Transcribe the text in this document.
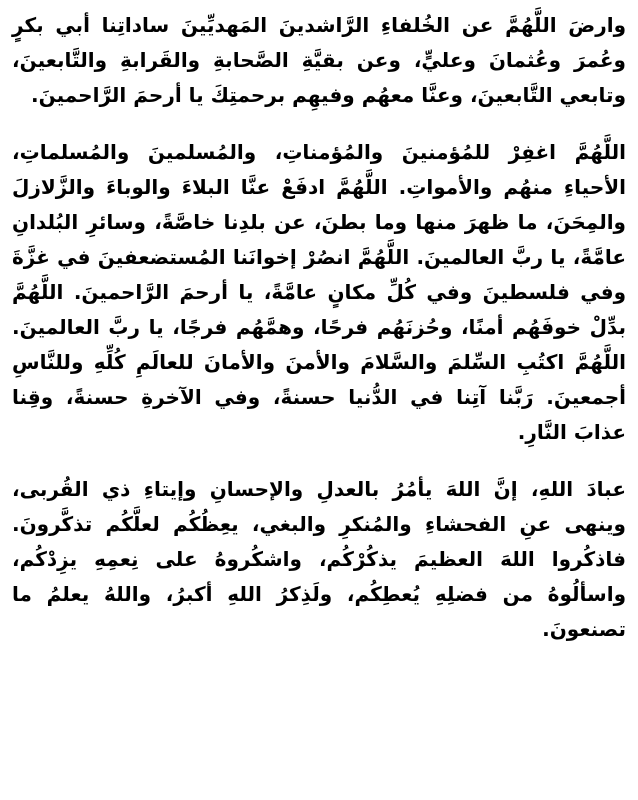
وارضَ اللَّهُمَّ عن الخُلفاءِ الرَّاشدينَ المَهديِّينَ ساداتِنا أبي بكرٍ وعُمرَ وعُثمانَ وعليٍّ، وعن بقيَّةِ الصَّحابةِ والقَرابةِ والتَّابعينَ، وتابعي التَّابعينَ، وعنَّا معهُم وفيهِم برحمتِكَ يا أرحمَ الرَّاحمينَ.

اللَّهُمَّ اغفِرْ للمُؤمنينَ والمُؤمناتِ، والمُسلمينَ والمُسلماتِ، الأحياءِ منهُم والأمواتِ. اللَّهُمَّ ادفَعْ عنَّا البلاءَ والوباءَ والزَّلازلَ والمِحَنَ، ما ظهرَ منها وما بطنَ، عن بلدِنا خاصَّةً، وسائرِ البُلدانِ عامَّةً، يا ربَّ العالمينَ. اللَّهُمَّ انصُرْ إخوانَنا المُستضعفينَ في غزَّةَ وفي فلسطينَ وفي كُلِّ مكانٍ عامَّةً، يا أرحمَ الرَّاحمينَ. اللَّهُمَّ بدِّلْ خوفَهُم أمنًا، وحُزنَهُم فرحًا، وهمَّهُم فرجًا، يا ربَّ العالمينَ. اللَّهُمَّ اكتُبِ السِّلمَ والسَّلامَ والأمنَ والأمانَ للعالَمِ كُلِّهِ وللنَّاسِ أجمعينَ. رَبَّنا آتِنا في الدُّنيا حسنةً، وفي الآخرةِ حسنةً، وقِنا عذابَ النَّارِ.

عبادَ اللهِ، إنَّ اللهَ يأمُرُ بالعدلِ والإحسانِ وإيتاءِ ذي القُربى، وينهى عنِ الفحشاءِ والمُنكرِ والبغي، يعِظُكُم لعلَّكُم تذكَّرونَ. فاذكُروا اللهَ العظيمَ يذكُرْكُم، واشكُروهُ على نِعمِهِ يزِدْكُم، واسألُوهُ من فضلِهِ يُعطِكُم، ولَذِكرُ اللهِ أكبرُ، واللهُ يعلمُ ما تصنعونَ.
